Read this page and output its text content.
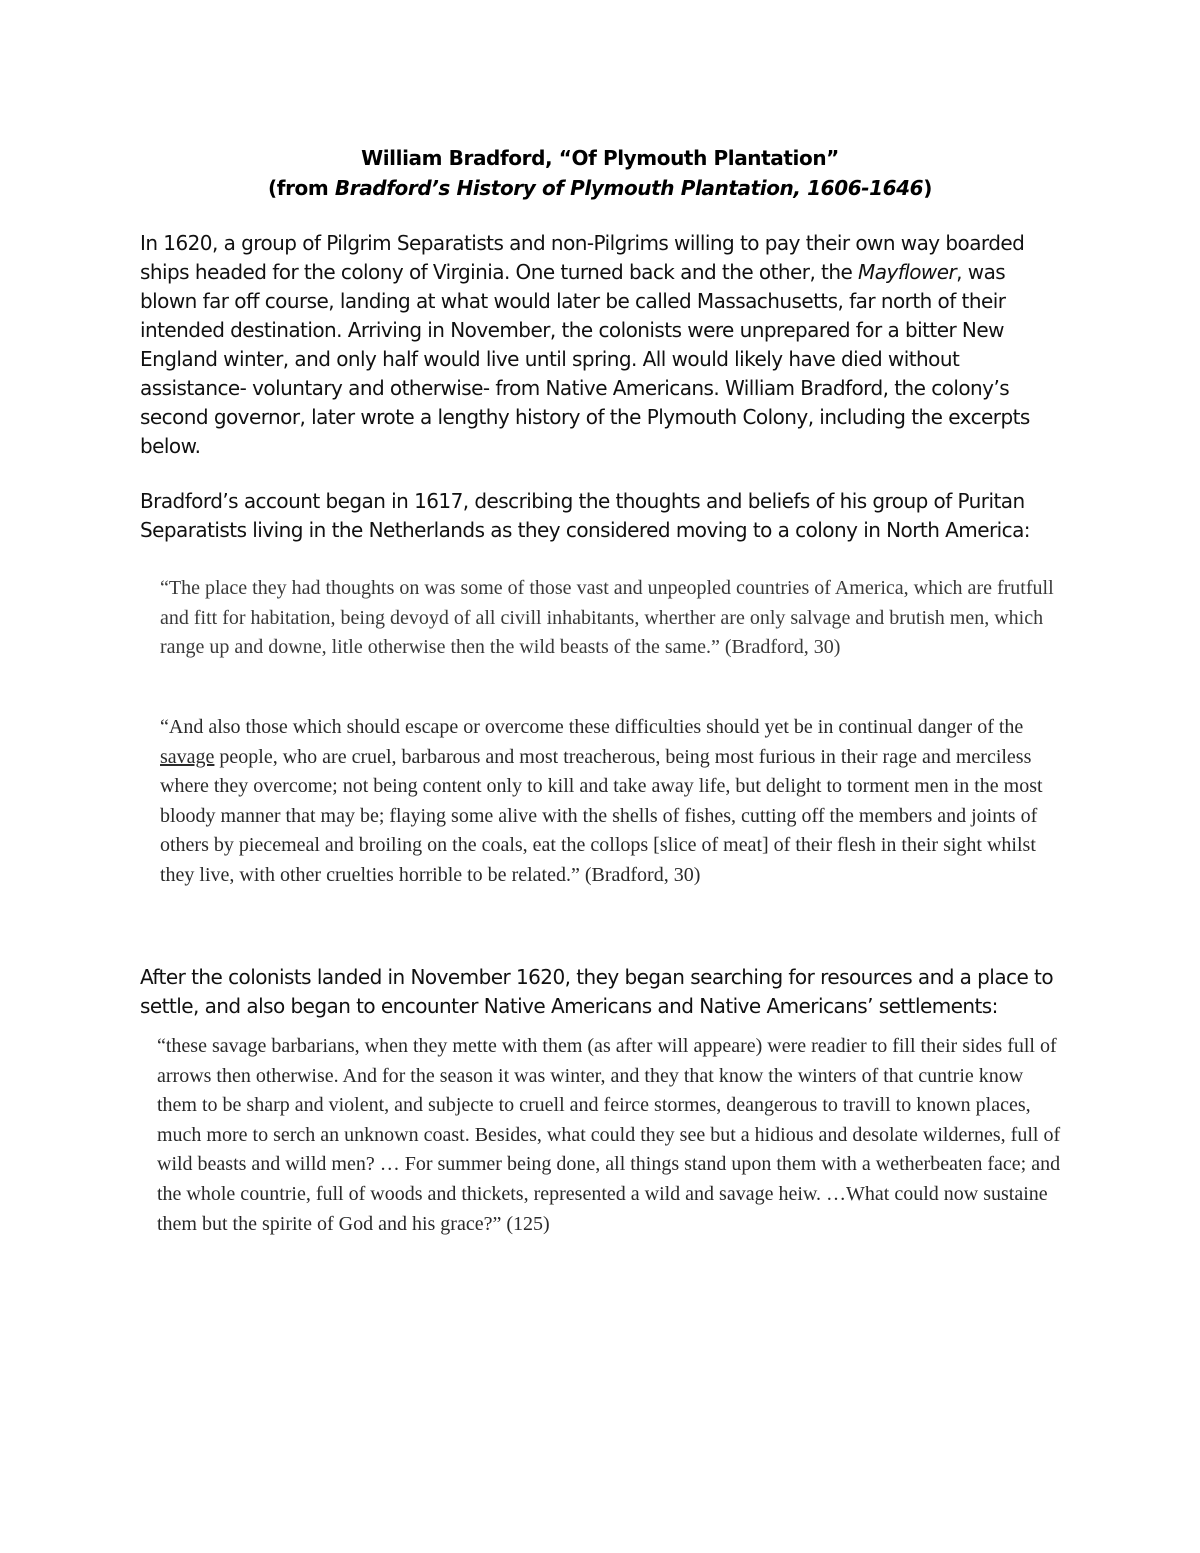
William Bradford, “Of Plymouth Plantation”
(from Bradford’s History of Plymouth Plantation, 1606-1646)

In 1620, a group of Pilgrim Separatists and non-Pilgrims willing to pay their own way boarded ships headed for the colony of Virginia. One turned back and the other, the Mayflower, was blown far off course, landing at what would later be called Massachusetts, far north of their intended destination. Arriving in November, the colonists were unprepared for a bitter New England winter, and only half would live until spring. All would likely have died without assistance- voluntary and otherwise- from Native Americans. William Bradford, the colony’s second governor, later wrote a lengthy history of the Plymouth Colony, including the excerpts below.

Bradford’s account began in 1617, describing the thoughts and beliefs of his group of Puritan Separatists living in the Netherlands as they considered moving to a colony in North America:

“The place they had thoughts on was some of those vast and unpeopled countries of America, which are frutfull and fitt for habitation, being devoyd of all civill inhabitants, wherther are only salvage and brutish men, which range up and downe, litle otherwise then the wild beasts of the same.” (Bradford, 30)

“And also those which should escape or overcome these difficulties should yet be in continual danger of the savage people, who are cruel, barbarous and most treacherous, being most furious in their rage and merciless where they overcome; not being content only to kill and take away life, but delight to torment men in the most bloody manner that may be; flaying some alive with the shells of fishes, cutting off the members and joints of others by piecemeal and broiling on the coals, eat the collops [slice of meat] of their flesh in their sight whilst they live, with other cruelties horrible to be related.” (Bradford, 30)

After the colonists landed in November 1620, they began searching for resources and a place to settle, and also began to encounter Native Americans and Native Americans’ settlements:

“these savage barbarians, when they mette with them (as after will appeare) were readier to fill their sides full of arrows then otherwise. And for the season it was winter, and they that know the winters of that cuntrie know them to be sharp and violent, and subjecte to cruell and feirce stormes, deangerous to travill to known places, much more to serch an unknown coast. Besides, what could they see but a hidious and desolate wildernes, full of wild beasts and willd men? … For summer being done, all things stand upon them with a wetherbeaten face; and the whole countrie, full of woods and thickets, represented a wild and savage heiw. …What could now sustaine them but the spirite of God and his grace?” (125)
